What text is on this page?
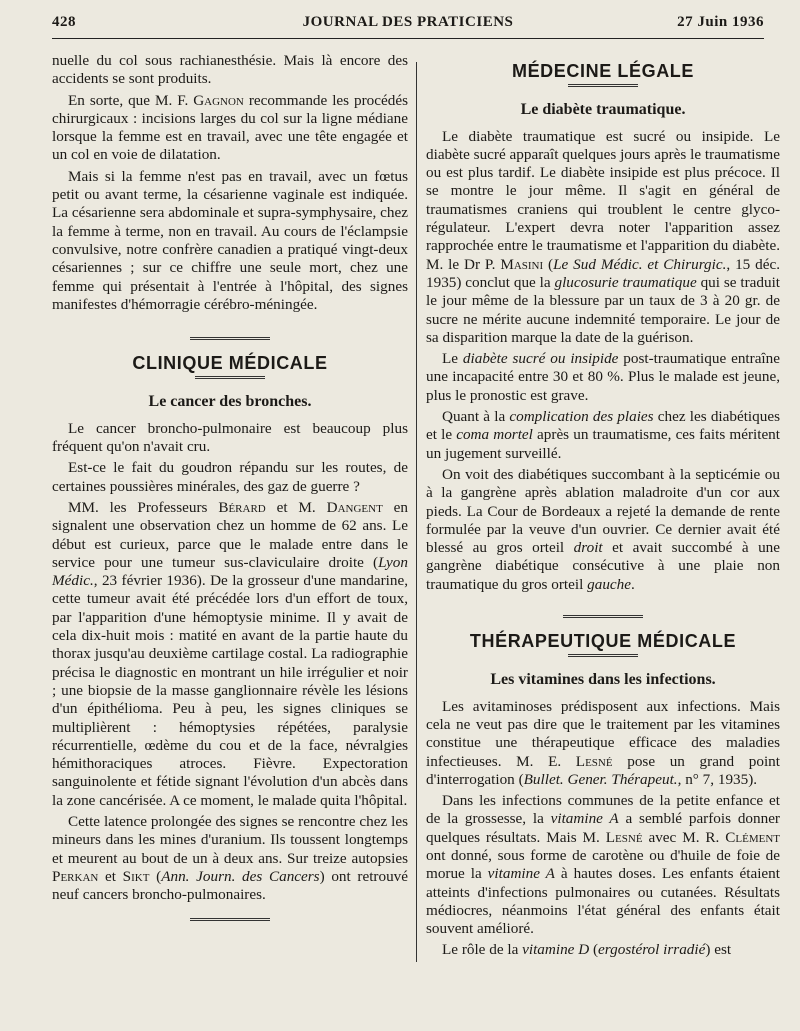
428	JOURNAL DES PRATICIENS	27 Juin 1936

nuelle du col sous rachianesthésie. Mais là encore des accidents se sont produits.

En sorte, que M. F. Gagnon recommande les procédés chirurgicaux : incisions larges du col sur la ligne médiane lorsque la femme est en travail, avec une tête engagée et un col en voie de dilatation.

Mais si la femme n'est pas en travail, avec un fœtus petit ou avant terme, la césarienne vaginale est indiquée. La césarienne sera abdominale et supra-symphysaire, chez la femme à terme, non en travail. Au cours de l'éclampsie convulsive, notre confrère canadien a pratiqué vingt-deux césariennes ; sur ce chiffre une seule mort, chez une femme qui présentait à l'entrée à l'hôpital, des signes manifestes d'hémorragie cérébro-méningée.

CLINIQUE MÉDICALE
Le cancer des bronches.

Le cancer broncho-pulmonaire est beaucoup plus fréquent qu'on n'avait cru.

Est-ce le fait du goudron répandu sur les routes, de certaines poussières minérales, des gaz de guerre ?

MM. les Professeurs Bérard et M. Dangent en signalent une observation chez un homme de 62 ans. Le début est curieux, parce que le malade entre dans le service pour une tumeur sus-claviculaire droite (Lyon Médic., 23 février 1936). De la grosseur d'une mandarine, cette tumeur avait été précédée lors d'un effort de toux, par l'apparition d'une hémoptysie minime. Il y avait de cela dix-huit mois : matité en avant de la partie haute du thorax jusqu'au deuxième cartilage costal. La radiographie précisa le diagnostic en montrant un hile irrégulier et noir ; une biopsie de la masse ganglionnaire révèle les lésions d'un épithélioma. Peu à peu, les signes cliniques se multiplièrent : hémoptysies répétées, paralysie récurrentielle, œdème du cou et de la face, névralgies hémithoraciques atroces. Fièvre. Expectoration sanguinolente et fétide signant l'évolution d'un abcès dans la zone cancérisée. A ce moment, le malade quita l'hôpital.

Cette latence prolongée des signes se rencontre chez les mineurs dans les mines d'uranium. Ils toussent longtemps et meurent au bout de un à deux ans. Sur treize autopsies Perkan et Sikt (Ann. Journ. des Cancers) ont retrouvé neuf cancers broncho-pulmonaires.

MÉDECINE LÉGALE
Le diabète traumatique.

Le diabète traumatique est sucré ou insipide. Le diabète sucré apparaît quelques jours après le traumatisme ou est plus tardif. Le diabète insipide est plus précoce. Il se montre le jour même. Il s'agit en général de traumatismes craniens qui troublent le centre glyco-régulateur. L'expert devra noter l'apparition assez rapprochée entre le traumatisme et l'apparition du diabète. M. le Dr P. Masini (Le Sud Médic. et Chirurgic., 15 déc. 1935) conclut que la glucosurie traumatique qui se traduit le jour même de la blessure par un taux de 3 à 20 gr. de sucre ne mérite aucune indemnité temporaire. Le jour de sa disparition marque la date de la guérison.

Le diabète sucré ou insipide post-traumatique entraîne une incapacité entre 30 et 80 %. Plus le malade est jeune, plus le pronostic est grave.

Quant à la complication des plaies chez les diabétiques et le coma mortel après un traumatisme, ces faits méritent un jugement surveillé.

On voit des diabétiques succombant à la septicémie ou à la gangrène après ablation maladroite d'un cor aux pieds. La Cour de Bordeaux a rejeté la demande de rente formulée par la veuve d'un ouvrier. Ce dernier avait été blessé au gros orteil droit et avait succombé à une gangrène diabétique consécutive à une plaie non traumatique du gros orteil gauche.

THÉRAPEUTIQUE MÉDICALE
Les vitamines dans les infections.

Les avitaminoses prédisposent aux infections. Mais cela ne veut pas dire que le traitement par les vitamines constitue une thérapeutique efficace des maladies infectieuses. M. E. Lesné pose un grand point d'interrogation (Bullet. Gener. Thérapeut., n° 7, 1935).

Dans les infections communes de la petite enfance et de la grossesse, la vitamine A a semblé parfois donner quelques résultats. Mais M. Lesné avec M. R. Clément ont donné, sous forme de carotène ou d'huile de foie de morue la vitamine A à hautes doses. Les enfants étaient atteints d'infections pulmonaires ou cutanées. Résultats médiocres, néanmoins l'état général des enfants était souvent amélioré.

Le rôle de la vitamine D (ergostérol irradié) est
